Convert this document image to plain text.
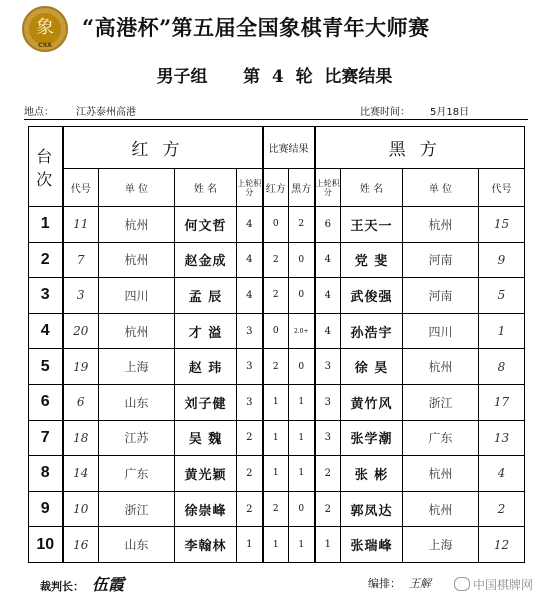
象
CXA
“高港杯”第五届全国象棋青年大师赛
男子组      第  4  轮  比赛结果
地点： 江苏泰州高港	比赛时间： 5月18日
台次	红方				比赛结果		黑方			
	代号	单 位	姓 名	上轮积分	红方	黑方	上轮积分	姓 名	单 位	代号
1	11	杭州	何文哲	4	0	2	6	王天一	杭州	15
2	7	杭州	赵金成	4	2	0	4	党 斐	河南	9
3	3	四川	孟 辰	4	2	0	4	武俊强	河南	5
4	20	杭州	才 溢	3	0	2.0+	4	孙浩宇	四川	1
5	19	上海	赵 玮	3	2	0	3	徐 昊	杭州	8
6	6	山东	刘子健	3	1	1	3	黄竹风	浙江	17
7	18	江苏	吴 魏	2	1	1	3	张学潮	广东	13
8	14	广东	黄光颖	2	1	1	2	张 彬	杭州	4
9	10	浙江	徐崇峰	2	2	0	2	郭凤达	杭州	2
10	16	山东	李翰林	1	1	1	1	张瑞峰	上海	12
裁判长： 伍霞	编排： 王解	中国棋牌网
